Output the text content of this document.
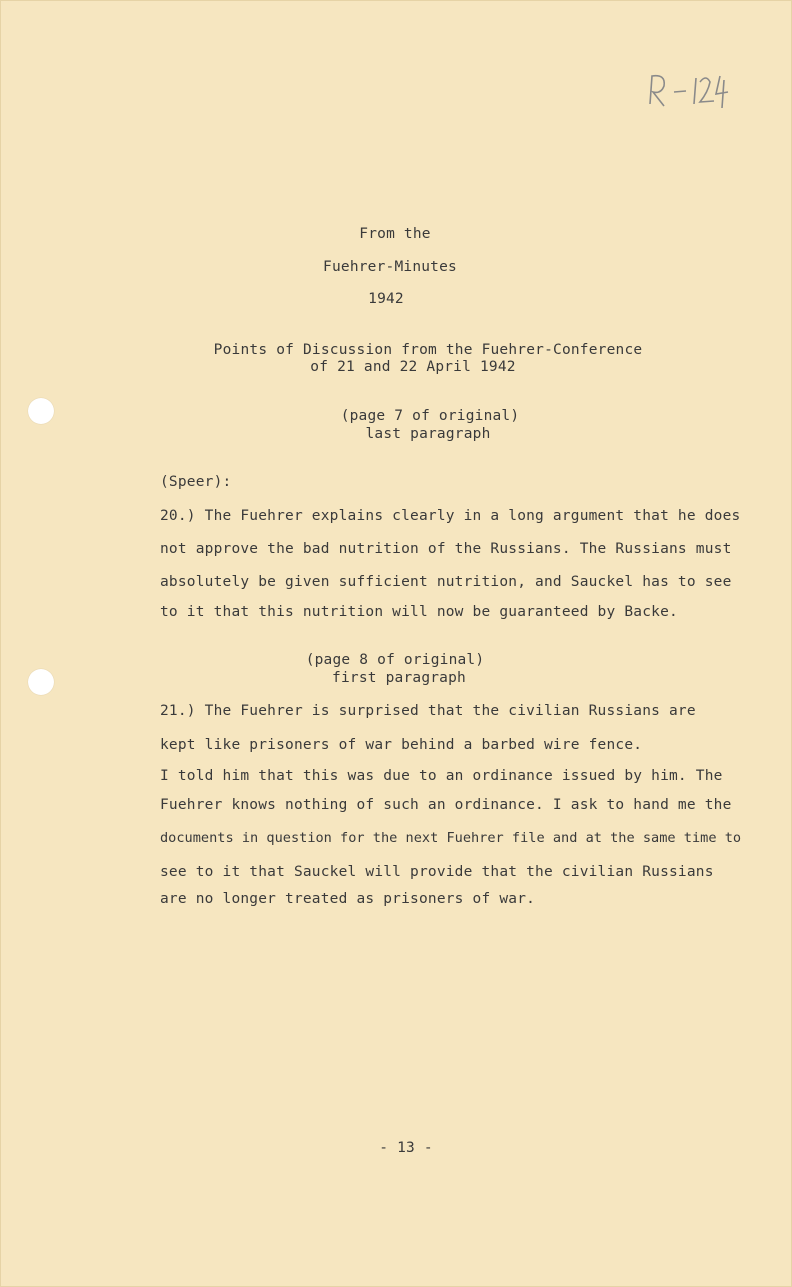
From the
Fuehrer-Minutes
1942
Points of Discussion from the Fuehrer-Conference
of 21 and 22 April 1942
(page 7 of original)
last paragraph
(Speer):
20.) The Fuehrer explains clearly in a long argument that he does
not approve the bad nutrition of the Russians. The Russians must
absolutely be given sufficient nutrition, and Sauckel has to see
to it that this nutrition will now be guaranteed by Backe.
(page 8 of original)
first paragraph
21.) The Fuehrer is surprised that the civilian Russians are
kept like prisoners of war behind a barbed wire fence.
I told him that this was due to an ordinance issued by him. The
Fuehrer knows nothing of such an ordinance. I ask to hand me the
documents in question for the next Fuehrer file and at the same time to
see to it that Sauckel will provide that the civilian Russians
are no longer treated as prisoners of war.
- 13 -
